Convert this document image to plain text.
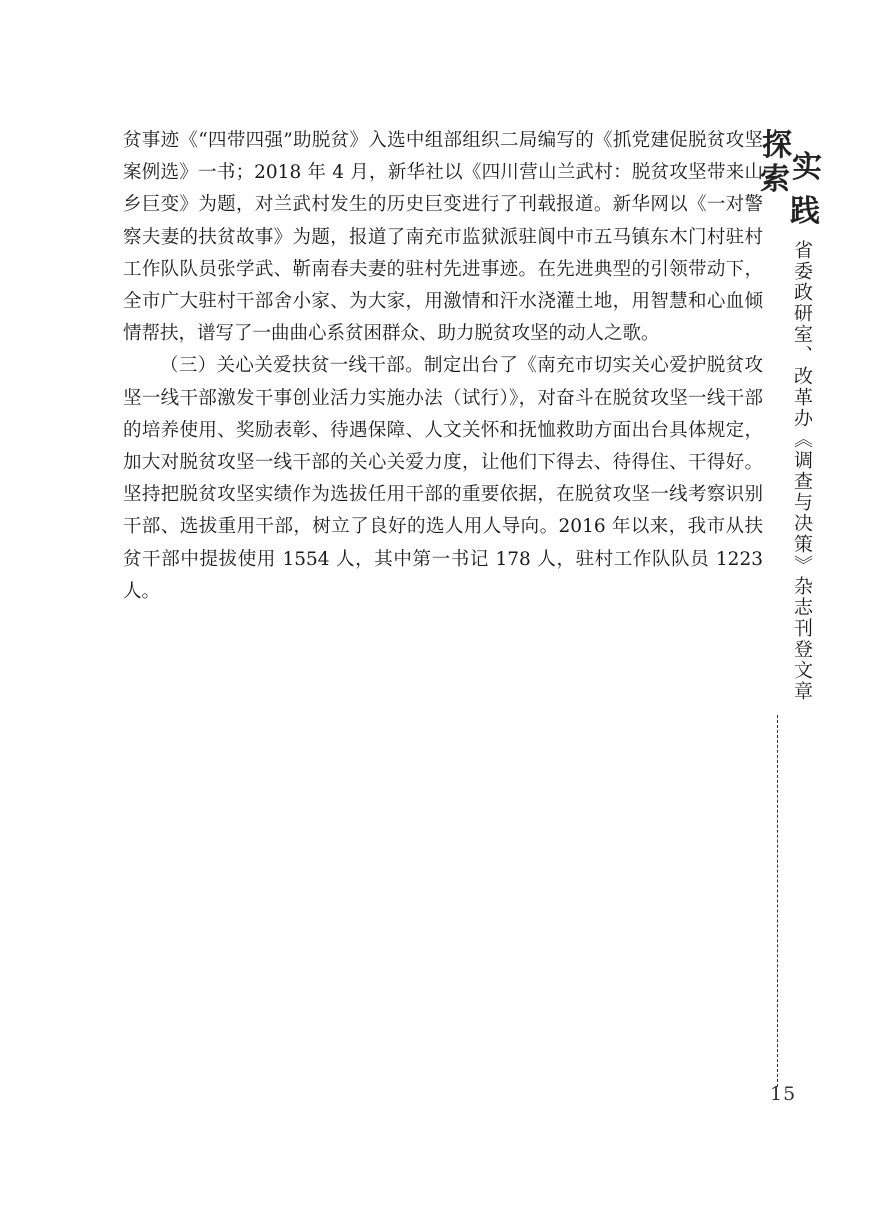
贫事迹《“四带四强”助脱贫》入选中组部组织二局编写的《抓党建促脱贫攻坚案例选》一书；2018 年 4 月，新华社以《四川营山兰武村：脱贫攻坚带来山乡巨变》为题，对兰武村发生的历史巨变进行了刊载报道。新华网以《一对警察夫妻的扶贫故事》为题，报道了南充市监狱派驻阆中市五马镇东木门村驻村工作队队员张学武、靳南春夫妻的驻村先进事迹。在先进典型的引领带动下，全市广大驻村干部舍小家、为大家，用激情和汗水浇灌土地，用智慧和心血倾情帮扶，谱写了一曲曲心系贫困群众、助力脱贫攻坚的动人之歌。

（三）关心关爱扶贫一线干部。制定出台了《南充市切实关心爱护脱贫攻坚一线干部激发干事创业活力实施办法（试行）》，对奋斗在脱贫攻坚一线干部的培养使用、奖励表彰、待遇保障、人文关怀和抚恤救助方面出台具体规定，加大对脱贫攻坚一线干部的关心关爱力度，让他们下得去、待得住、干得好。坚持把脱贫攻坚实绩作为选拔任用干部的重要依据，在脱贫攻坚一线考察识别干部、选拔重用干部，树立了良好的选人用人导向。2016 年以来，我市从扶贫干部中提拔使用 1554 人，其中第一书记 178 人，驻村工作队队员 1223 人。

探
索 实
践
省委政研室、改革办《调查与决策》杂志刊登文章
15
